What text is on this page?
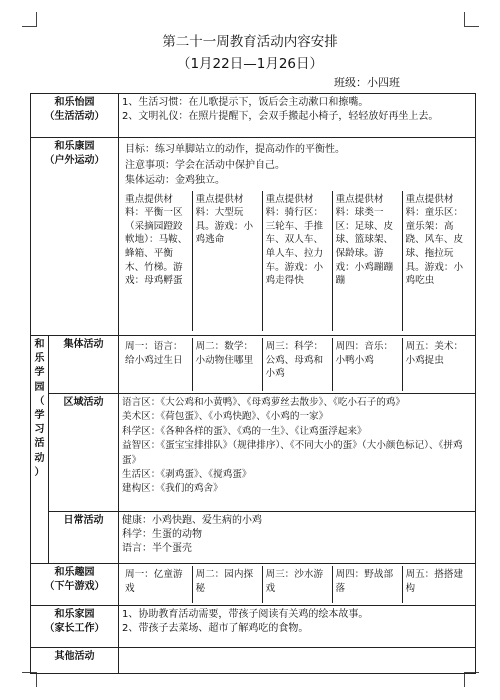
第二十一周教育活动内容安排
（1月22日—1月26日）
班级：小四班
和乐怡园
（生活活动）

1、生活习惯：在儿歌提示下，饭后会主动漱口和擦嘴。
2、文明礼仪：在照片提醒下，会双手搬起小椅子，轻轻放好再坐上去。

和乐康园
（户外运动）

目标：练习单脚站立的动作，提高动作的平衡性。
注意事项：学会在活动中保护自己。
集体运动：金鸡独立。
重点提供材料：平衡一区（采摘园蹬跤軟地）：马鞍、蜂箱、平衡木、竹梯。游戏：母鸡孵蛋	重点提供材料：大型玩具。游戏：小鸡逃命	重点提供材料：骑行区：三轮车、手推车、双人车、单人车、拉力车。游戏：小鸡走得快	重点提供材料：球类一区：足球、皮球、篮球架、保龄球。游戏：小鸡蹦蹦蹦	重点提供材料：童乐区：童乐架：高跷、风车、皮球、拖拉玩具。游戏：小鸡吃虫

和
乐
学
园
（
学
习
活
动
）
	集体活动	周一：语言：给小鸡过生日	周二：数学：小动物住哪里	周三：科学：公鸡、母鸡和小鸡	周四：音乐：小鸭小鸡	周五：美术：小鸡捉虫

区域活动	语言区：《大公鸡和小黄鸭》、《母鸡萝丝去散步》、《吃小石子的鸡》
美术区：《荷包蛋》、《小鸡快跑》、《小鸡的一家》
科学区：《各种各样的蛋》、《鸡的一生》、《让鸡蛋浮起来》
益智区：《蛋宝宝排排队》（规律排序）、《不同大小的蛋》（大小颜色标记）、《拼鸡蛋》
生活区：《剥鸡蛋》、《搅鸡蛋》
建构区：《我们的鸡舍》

日常活动	健康：小鸡快跑、爱生病的小鸡
科学：生蛋的动物
语言：半个蛋壳

和乐趣园
（下午游戏）

周一：亿童游戏	周二：园内探秘	周三：沙水游戏	周四：野战部落	周五：搭搭建构

和乐家园
（家长工作）

1、协助教育活动需要，带孩子阅读有关鸡的绘本故事。
2、带孩子去菜场、超市了解鸡吃的食物。

其他活动	
